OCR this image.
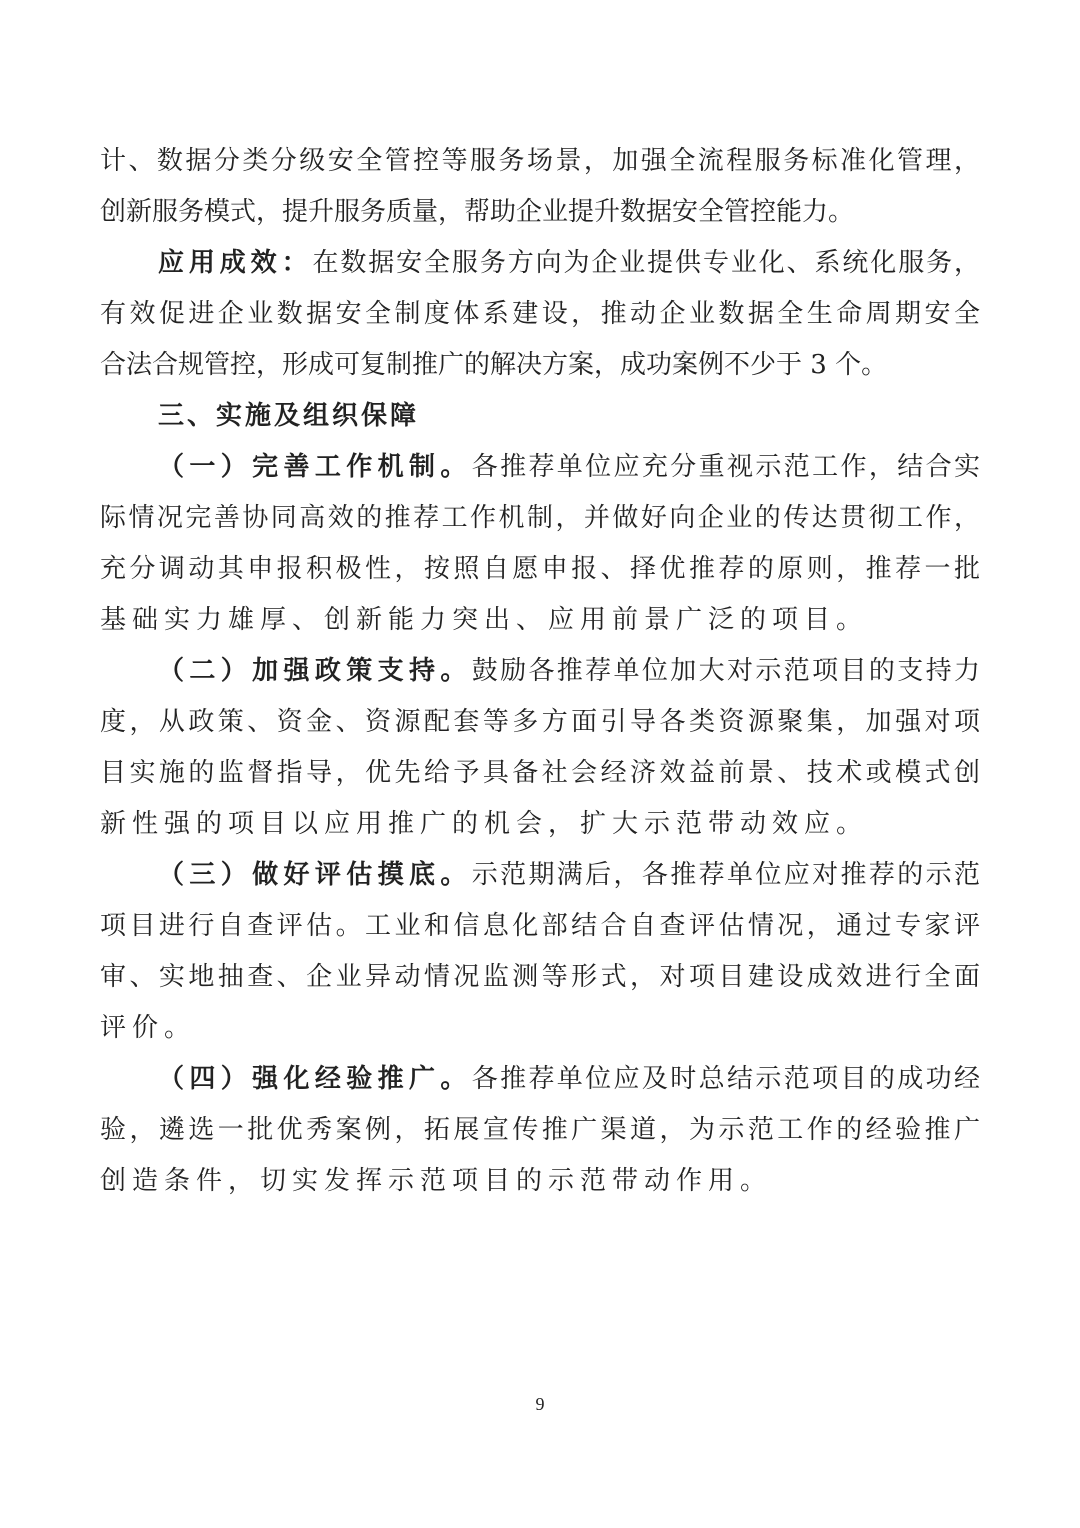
计、数据分类分级安全管控等服务场景，加强全流程服务标准化管理，
创新服务模式，提升服务质量，帮助企业提升数据安全管控能力。
应用成效：在数据安全服务方向为企业提供专业化、系统化服务，
有效促进企业数据安全制度体系建设，推动企业数据全生命周期安全
合法合规管控，形成可复制推广的解决方案，成功案例不少于 3 个。
三、实施及组织保障
（一）完善工作机制。各推荐单位应充分重视示范工作，结合实
际情况完善协同高效的推荐工作机制，并做好向企业的传达贯彻工作，
充分调动其申报积极性，按照自愿申报、择优推荐的原则，推荐一批
基础实力雄厚、创新能力突出、应用前景广泛的项目。
（二）加强政策支持。鼓励各推荐单位加大对示范项目的支持力
度，从政策、资金、资源配套等多方面引导各类资源聚集，加强对项
目实施的监督指导，优先给予具备社会经济效益前景、技术或模式创
新性强的项目以应用推广的机会，扩大示范带动效应。
（三）做好评估摸底。示范期满后，各推荐单位应对推荐的示范
项目进行自查评估。工业和信息化部结合自查评估情况，通过专家评
审、实地抽查、企业异动情况监测等形式，对项目建设成效进行全面
评价。
（四）强化经验推广。各推荐单位应及时总结示范项目的成功经
验，遴选一批优秀案例，拓展宣传推广渠道，为示范工作的经验推广
创造条件，切实发挥示范项目的示范带动作用。
9
